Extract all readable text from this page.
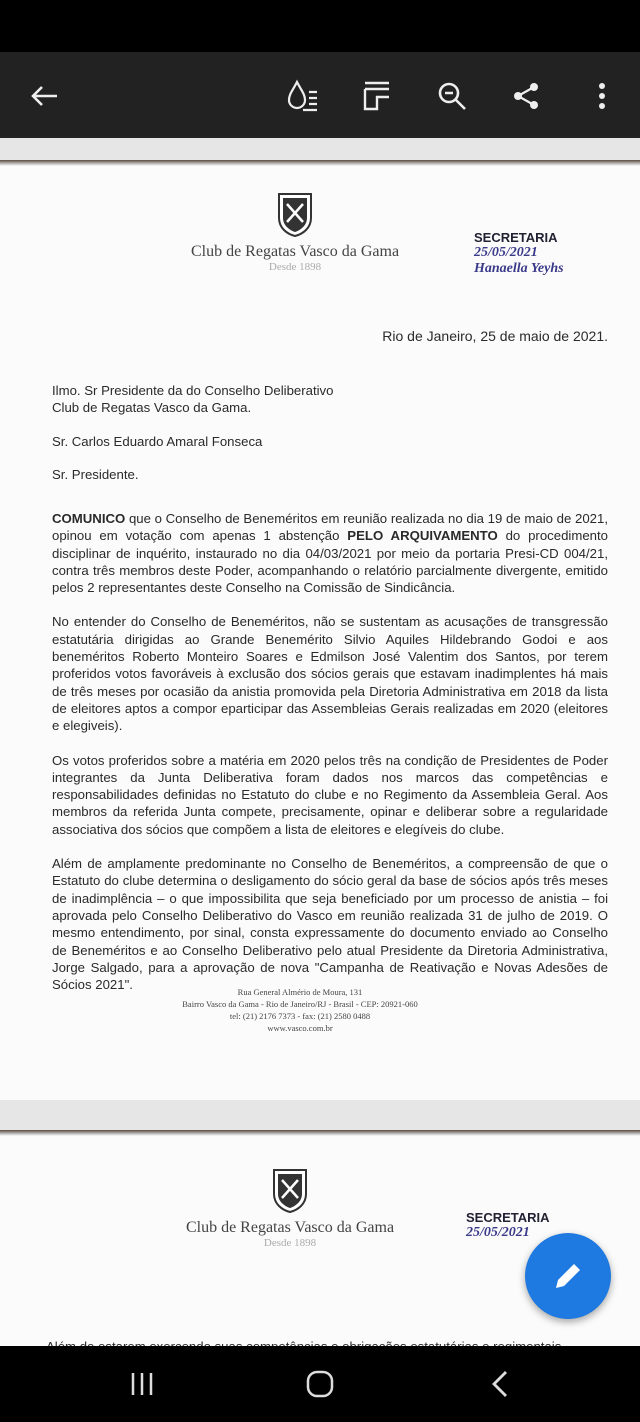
Club de Regatas Vasco da Gama
Desde 1898
SECRETARIA
25/05/2021
Hanaella Yeyhs
Rio de Janeiro, 25 de maio de 2021.
Ilmo. Sr Presidente da do Conselho Deliberativo
Club de Regatas Vasco da Gama.
Sr. Carlos Eduardo Amaral Fonseca
Sr. Presidente.
COMUNICO que o Conselho de Beneméritos em reunião realizada no dia 19 de maio de 2021, opinou em votação com apenas 1 abstenção PELO ARQUIVAMENTO do procedimento disciplinar de inquérito, instaurado no dia 04/03/2021 por meio da portaria Presi-CD 004/21, contra três membros deste Poder, acompanhando o relatório parcialmente divergente, emitido pelos 2 representantes deste Conselho na Comissão de Sindicância.
No entender do Conselho de Beneméritos, não se sustentam as acusações de transgressão estatutária dirigidas ao Grande Benemérito Silvio Aquiles Hildebrando Godoi e aos beneméritos Roberto Monteiro Soares e Edmilson José Valentim dos Santos, por terem proferidos votos favoráveis à exclusão dos sócios gerais que estavam inadimplentes há mais de três meses por ocasião da anistia promovida pela Diretoria Administrativa em 2018 da lista de eleitores aptos a compor eparticipar das Assembleias Gerais realizadas em 2020 (eleitores e elegiveis).
Os votos proferidos sobre a matéria em 2020 pelos três na condição de Presidentes de Poder integrantes da Junta Deliberativa foram dados nos marcos das competências e responsabilidades definidas no Estatuto do clube e no Regimento da Assembleia Geral. Aos membros da referida Junta compete, precisamente, opinar e deliberar sobre a regularidade associativa dos sócios que compõem a lista de eleitores e elegíveis do clube.
Além de amplamente predominante no Conselho de Beneméritos, a compreensão de que o Estatuto do clube determina o desligamento do sócio geral da base de sócios após três meses de inadimplência – o que impossibilita que seja beneficiado por um processo de anistia – foi aprovada pelo Conselho Deliberativo do Vasco em reunião realizada 31 de julho de 2019. O mesmo entendimento, por sinal, consta expressamente do documento enviado ao Conselho de Beneméritos e ao Conselho Deliberativo pelo atual Presidente da Diretoria Administrativa, Jorge Salgado, para a aprovação de nova "Campanha de Reativação e Novas Adesões de Sócios 2021".	Rua General Almério de Moura, 131
Bairro Vasco da Gama - Rio de Janeiro/RJ - Brasil - CEP: 20921-060
tel: (21) 2176 7373 - fax: (21) 2580 0488
www.vasco.com.br
Club de Regatas Vasco da Gama
Desde 1898
SECRETARIA
25/05/2021
